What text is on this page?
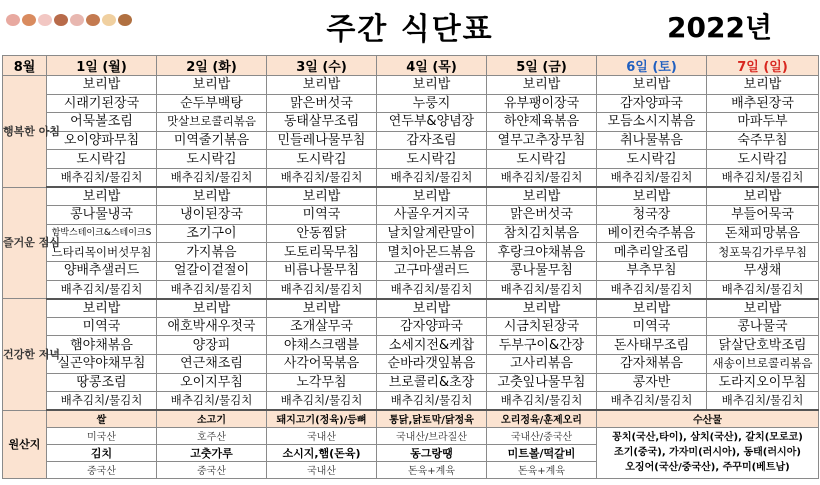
주간 식단표	2022년
8월	1일 (월)	2일 (화)	3일 (수)	4일 (목)	5일 (금)	6일 (토)	7일 (일)
행복한 아침	보리밥	보리밥	보리밥	보리밥	보리밥	보리밥	보리밥
	시래기된장국	순두부백탕	맑은버섯국	누룽지	유부팽이장국	감자양파국	배추된장국
	어묵볼조림	맛살브로콜리볶음	동태살무조림	연두부&양념장	하얀제육볶음	모듬소시지볶음	마파두부
	오이양파무침	미역줄기볶음	민들레나물무침	감자조림	열무고추장무침	취나물볶음	숙주무침
	도시락김	도시락김	도시락김	도시락김	도시락김	도시락김	도시락김
	배추김치/물김치	배추김치/물김치	배추김치/물김치	배추김치/물김치	배추김치/물김치	배추김치/물김치	배추김치/물김치
즐거운 점심	보리밥	보리밥	보리밥	보리밥	보리밥	보리밥	보리밥
	콩나물냉국	냉이된장국	미역국	사골우거지국	맑은버섯국	청국장	부들어묵국
	함박스테이크&스테이크S	조기구이	안동찜닭	날치알계란말이	참치김치볶음	베이컨숙주볶음	돈채피망볶음
	느타리목이버섯무침	가지볶음	도토리묵무침	멸치아몬드볶음	후랑크야채볶음	메추리알조림	청포묵김가루무침
	양배추샐러드	얼갈이겉절이	비름나물무침	고구마샐러드	콩나물무침	부추무침	무생채
	배추김치/물김치	배추김치/물김치	배추김치/물김치	배추김치/물김치	배추김치/물김치	배추김치/물김치	배추김치/물김치
건강한 저녁	보리밥	보리밥	보리밥	보리밥	보리밥	보리밥	보리밥
	미역국	애호박새우젓국	조개살무국	감자양파국	시금치된장국	미역국	콩나물국
	햄야채볶음	양장피	야채스크램블	소세지전&케찹	두부구이&간장	돈사태무조림	닭살단호박조림
	실곤약야채무침	연근채조림	사각어묵볶음	순바라갯잎볶음	고사리볶음	감자채볶음	새송이브로콜리볶음
	땅콩조림	오이지무침	노각무침	브로콜리&초장	고춧잎나물무침	콩자반	도라지오이무침
	배추김치/물김치	배추김치/물김치	배추김치/물김치	배추김치/물김치	배추김치/물김치	배추김치/물김치	배추김치/물김치
원산지	쌀	소고기	돼지고기(정육)/등뼈	통닭,닭토막/닭정육	오리정육/훈제오리	수산물	
	미국산	호주산	국내산	국내산/브라질산	국내산/중국산	꽁치(국산,타이), 삼치(국산), 갈치(모로코)
조기(중국), 가자미(러시아), 동태(러시아)
오징어(국산/중국산), 주꾸미(베트남)	

	김치	고춧가루	소시지,햄(돈육)	동그랑땡	미트볼/떡갈비		
	중국산	중국산	국내산	돈육+계육	돈육+계육		
